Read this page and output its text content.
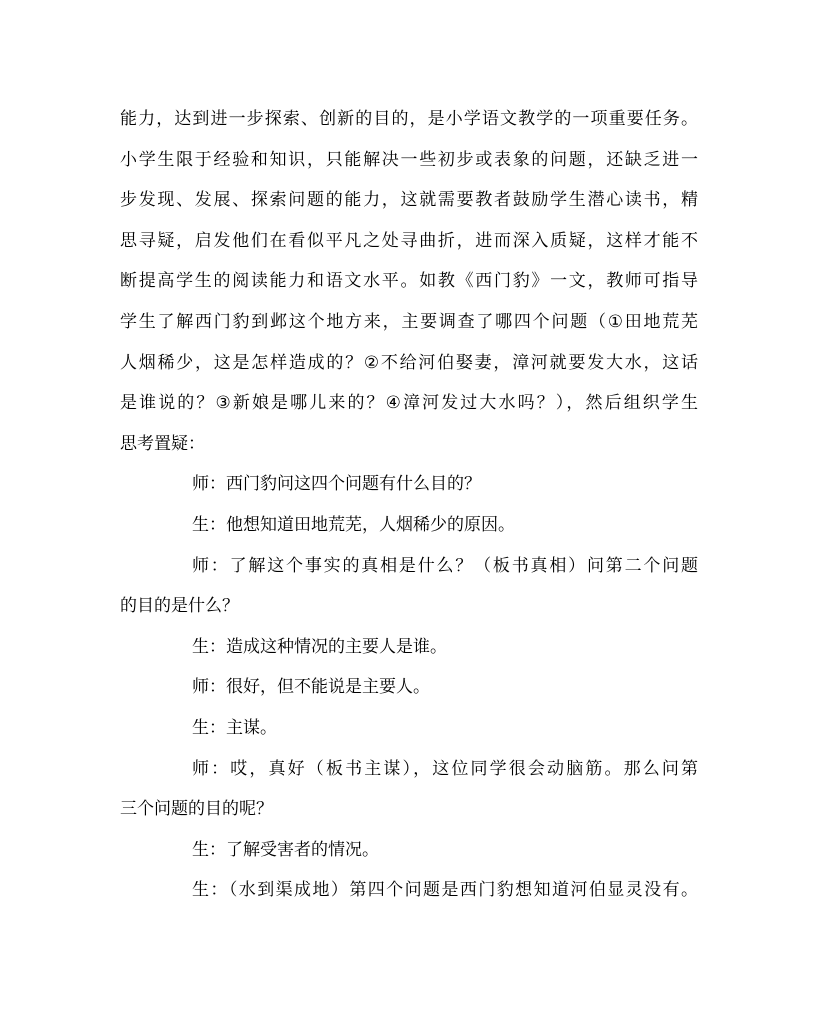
能力，达到进一步探索、创新的目的，是小学语文教学的一项重要任务。
小学生限于经验和知识，只能解决一些初步或表象的问题，还缺乏进一
步发现、发展、探索问题的能力，这就需要教者鼓励学生潜心读书，精
思寻疑，启发他们在看似平凡之处寻曲折，进而深入质疑，这样才能不
断提高学生的阅读能力和语文水平。如教《西门豹》一文，教师可指导
学生了解西门豹到邺这个地方来，主要调查了哪四个问题（①田地荒芜
人烟稀少，这是怎样造成的？②不给河伯娶妻，漳河就要发大水，这话
是谁说的？③新娘是哪儿来的？④漳河发过大水吗？），然后组织学生
思考置疑：
师：西门豹问这四个问题有什么目的？
生：他想知道田地荒芜，人烟稀少的原因。
师：了解这个事实的真相是什么？（板书真相）问第二个问题
的目的是什么？
生：造成这种情况的主要人是谁。
师：很好，但不能说是主要人。
生：主谋。
师：哎，真好（板书主谋），这位同学很会动脑筋。那么问第
三个问题的目的呢？
生：了解受害者的情况。
生：（水到渠成地）第四个问题是西门豹想知道河伯显灵没有。
